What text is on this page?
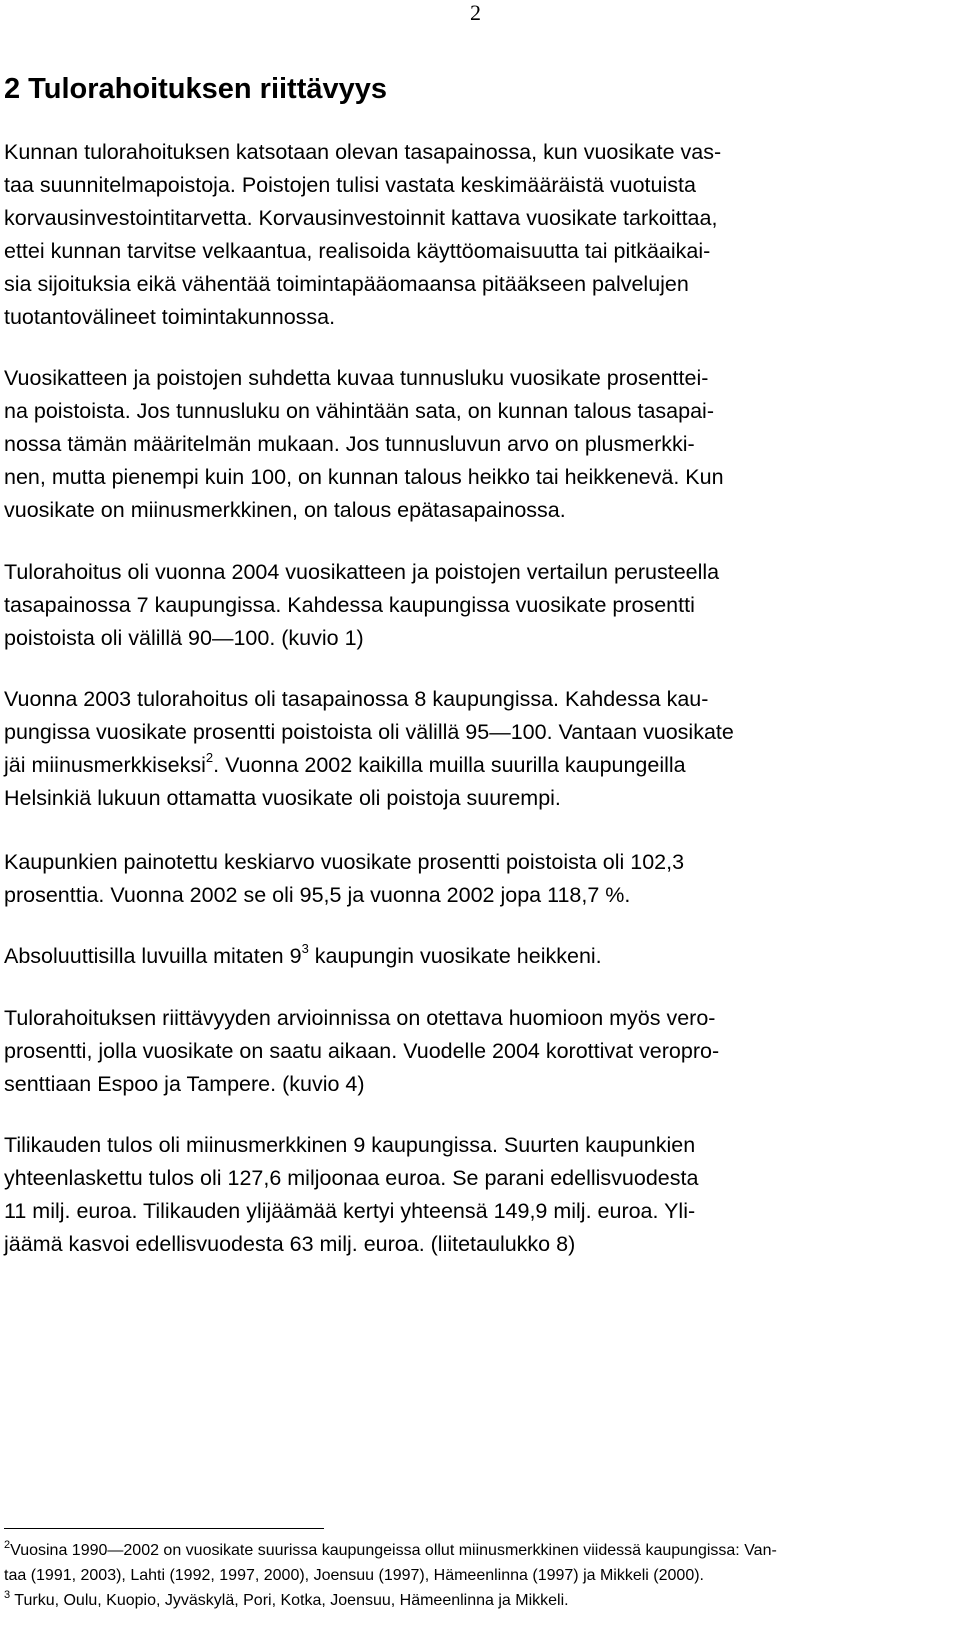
2
2 Tulorahoituksen riittävyys

Kunnan tulorahoituksen katsotaan olevan tasapainossa, kun vuosikate vas-
taa suunnitelmapoistoja. Poistojen tulisi vastata keskimääräistä vuotuista
korvausinvestointitarvetta. Korvausinvestoinnit kattava vuosikate tarkoittaa,
ettei kunnan tarvitse velkaantua, realisoida käyttöomaisuutta tai pitkäaikai-
sia sijoituksia eikä vähentää toimintapääomaansa pitääkseen palvelujen
tuotantovälineet toimintakunnossa.

Vuosikatteen ja poistojen suhdetta kuvaa tunnusluku vuosikate prosenttei-
na poistoista. Jos tunnusluku on vähintään sata, on kunnan talous tasapai-
nossa tämän määritelmän mukaan. Jos tunnusluvun arvo on plusmerkki-
nen, mutta pienempi kuin 100, on kunnan talous heikko tai heikkenevä. Kun
vuosikate on miinusmerkkinen, on talous epätasapainossa.

Tulorahoitus oli vuonna 2004 vuosikatteen ja poistojen vertailun perusteella
tasapainossa 7 kaupungissa. Kahdessa kaupungissa vuosikate prosentti
poistoista oli välillä 90—100. (kuvio 1)

Vuonna 2003 tulorahoitus oli tasapainossa 8 kaupungissa. Kahdessa kau-
pungissa vuosikate prosentti poistoista oli välillä 95—100. Vantaan vuosikate
jäi miinusmerkkiseksi$^2$. Vuonna 2002 kaikilla muilla suurilla kaupungeilla
Helsinkiä lukuun ottamatta vuosikate oli poistoja suurempi.

Kaupunkien painotettu keskiarvo vuosikate prosentti poistoista oli 102,3
prosenttia. Vuonna 2002 se oli 95,5 ja vuonna 2002 jopa 118,7 %.

Absoluuttisilla luvuilla mitaten $9^3$ kaupungin vuosikate heikkeni.

Tulorahoituksen riittävyyden arvioinnissa on otettava huomioon myös vero-
prosentti, jolla vuosikate on saatu aikaan. Vuodelle 2004 korottivat veropro-
senttiaan Espoo ja Tampere. (kuvio 4)

Tilikauden tulos oli miinusmerkkinen 9 kaupungissa. Suurten kaupunkien
yhteenlaskettu tulos oli 127,6 miljoonaa euroa. Se parani edellisvuodesta
11 milj. euroa. Tilikauden ylijäämää kertyi yhteensä 149,9 milj. euroa. Yli-
jäämä kasvoi edellisvuodesta 63 milj. euroa. (liitetaulukko 8)

$^2$Vuosina 1990—2002 on vuosikate suurissa kaupungeissa ollut miinusmerkkinen viidessä kaupungissa: Van-
taa (1991, 2003), Lahti (1992, 1997, 2000), Joensuu (1997), Hämeenlinna (1997) ja Mikkeli (2000).
$^3$ Turku, Oulu, Kuopio, Jyväskylä, Pori, Kotka, Joensuu, Hämeenlinna ja Mikkeli.
